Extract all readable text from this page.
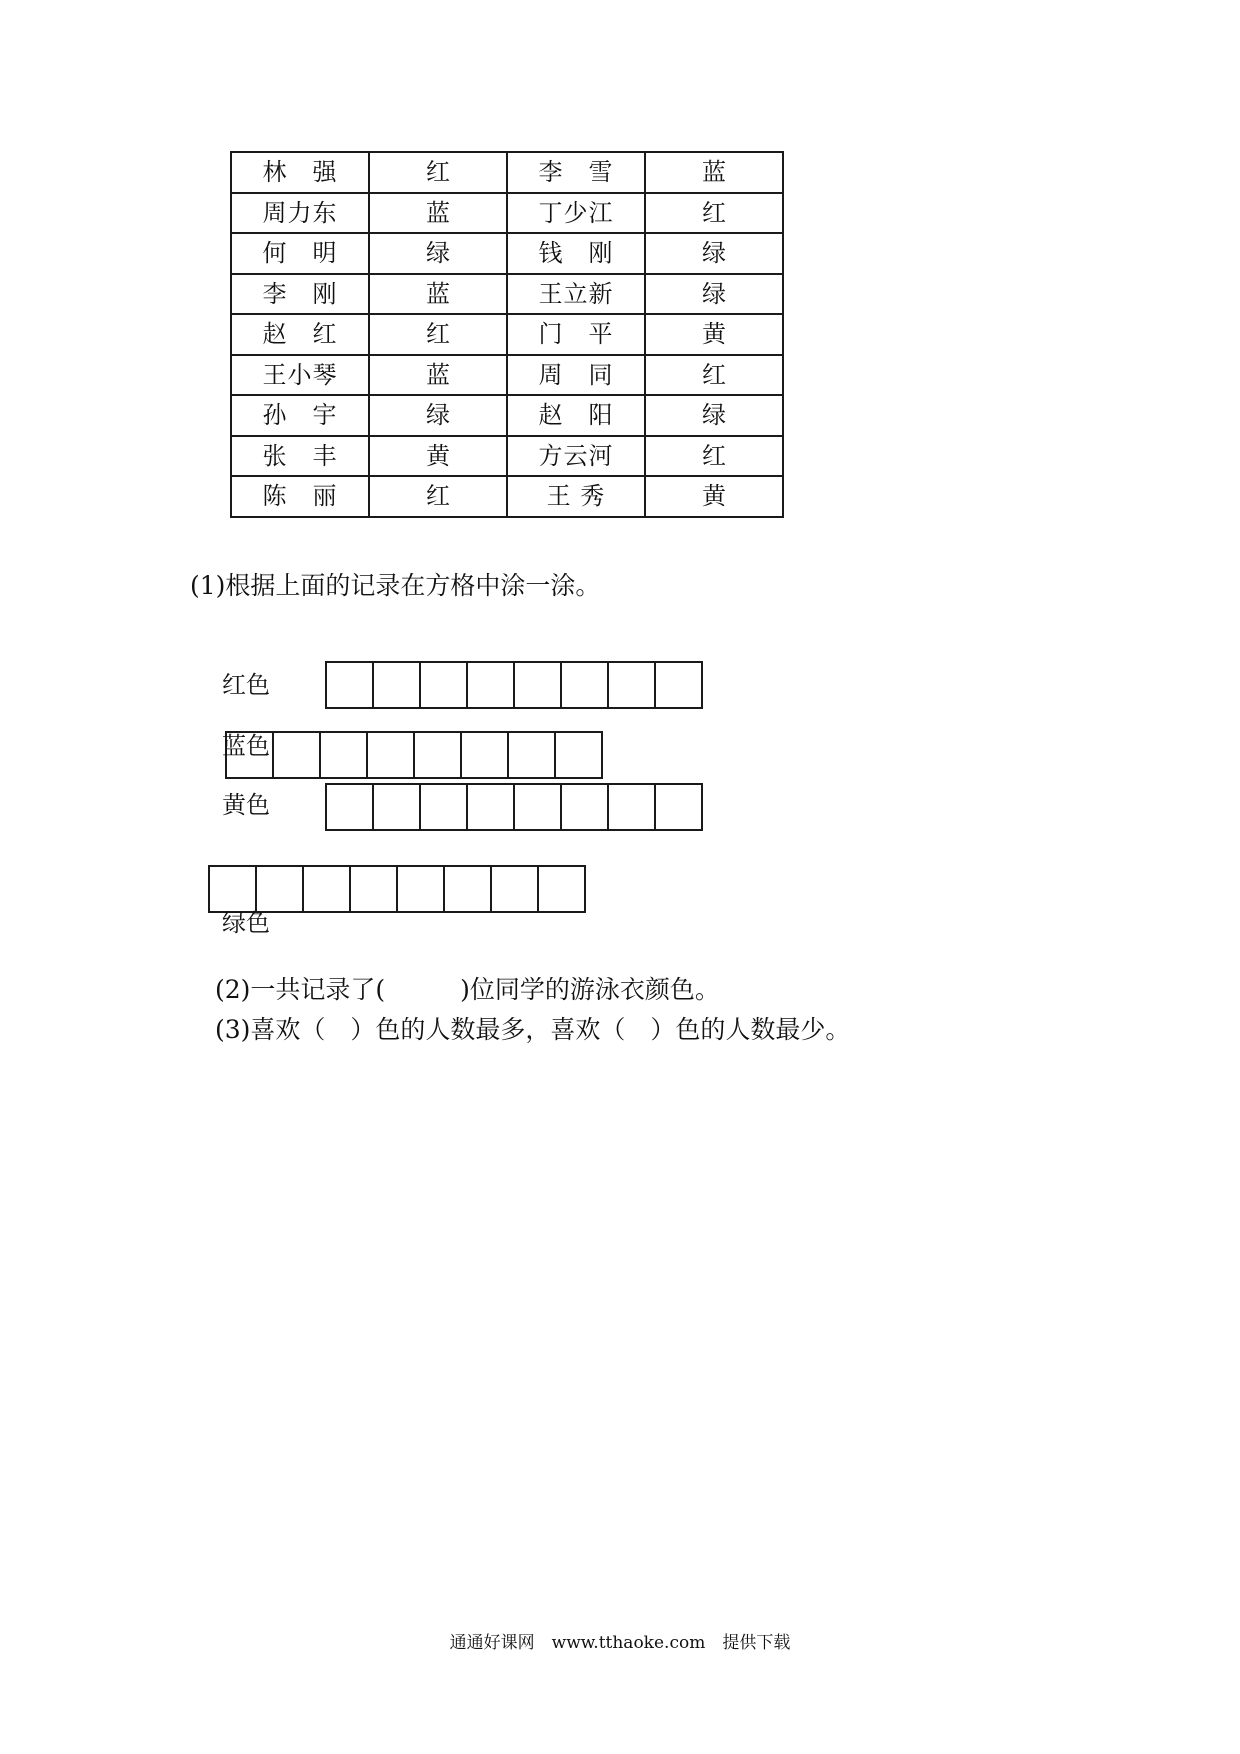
林　强	红	李　雪	蓝
周力东	蓝	丁少江	红
何　明	绿	钱　刚	绿
李　刚	蓝	王立新	绿
赵　红	红	门　平	黄
王小琴	蓝	周　同	红
孙　宇	绿	赵　阳	绿
张　丰	黄	方云河	红
陈　丽	红	王 秀	黄
(1)根据上面的记录在方格中涂一涂。
红色
蓝色
黄色
绿色
(2)一共记录了(　　　)位同学的游泳衣颜色。
(3)喜欢（　）色的人数最多，喜欢（　）色的人数最少。
通通好课网　www.tthaoke.com　提供下载
